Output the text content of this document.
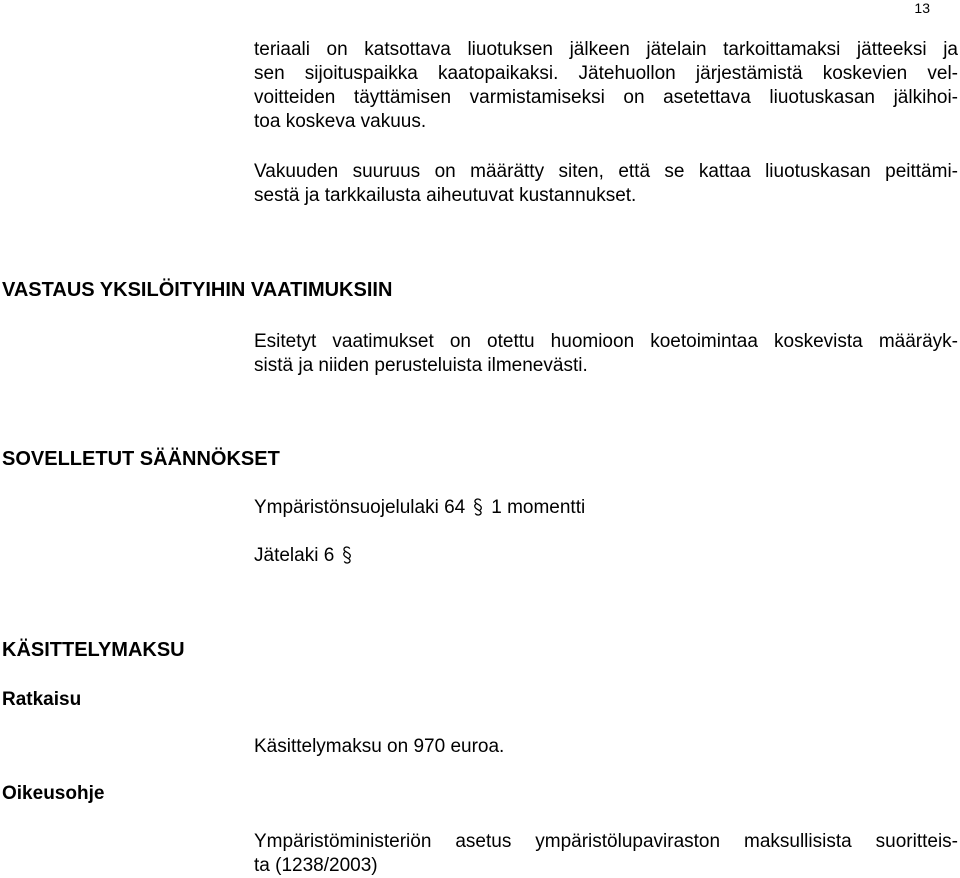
13
teriaali on katsottava liuotuksen jälkeen jätelain tarkoittamaksi jätteeksi ja
sen sijoituspaikka kaatopaikaksi. Jätehuollon järjestämistä koskevien vel-
voitteiden täyttämisen varmistamiseksi on asetettava liuotuskasan jälkihoi-
toa koskeva vakuus.
Vakuuden suuruus on määrätty siten, että se kattaa liuotuskasan peittämi-
sestä ja tarkkailusta aiheutuvat kustannukset.
VASTAUS YKSILÖITYIHIN VAATIMUKSIIN
Esitetyt vaatimukset on otettu huomioon koetoimintaa koskevista määräyk-
sistä ja niiden perusteluista ilmenevästi.
SOVELLETUT SÄÄNNÖKSET
Ympäristönsuojelulaki 64 1 momentti
Jätelaki 6
KÄSITTELYMAKSU
Ratkaisu
Käsittelymaksu on 970 euroa.
Oikeusohje
Ympäristöministeriön asetus ympäristölupaviraston maksullisista suoritteis-
ta (1238/2003)
